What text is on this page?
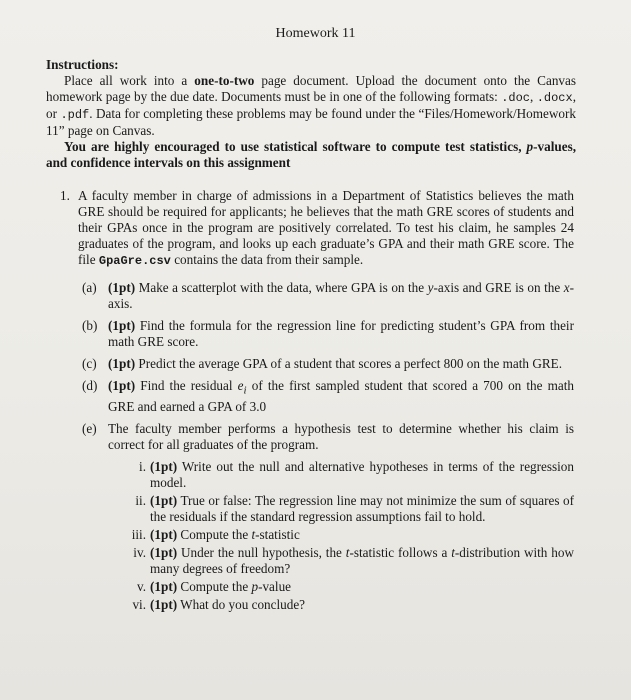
Homework 11
Instructions:
Place all work into a one-to-two page document. Upload the document onto the Canvas homework page by the due date. Documents must be in one of the following formats: .doc, .docx, or .pdf. Data for completing these problems may be found under the “Files/Homework/Homework 11” page on Canvas.
You are highly encouraged to use statistical software to compute test statistics, p-values, and confidence intervals on this assignment
1. A faculty member in charge of admissions in a Department of Statistics believes the math GRE should be required for applicants; he believes that the math GRE scores of students and their GPAs once in the program are positively correlated. To test his claim, he samples 24 graduates of the program, and looks up each graduate’s GPA and their math GRE score. The file GpaGre.csv contains the data from their sample.
(a) (1pt) Make a scatterplot with the data, where GPA is on the y-axis and GRE is on the x-axis.
(b) (1pt) Find the formula for the regression line for predicting student’s GPA from their math GRE score.
(c) (1pt) Predict the average GPA of a student that scores a perfect 800 on the math GRE.
(d) (1pt) Find the residual $e_i$ of the first sampled student that scored a 700 on the math GRE and earned a GPA of 3.0
(e) The faculty member performs a hypothesis test to determine whether his claim is correct for all graduates of the program.
i. (1pt) Write out the null and alternative hypotheses in terms of the regression model.
ii. (1pt) True or false: The regression line may not minimize the sum of squares of the residuals if the standard regression assumptions fail to hold.
iii. (1pt) Compute the t-statistic
iv. (1pt) Under the null hypothesis, the t-statistic follows a t-distribution with how many degrees of freedom?
v. (1pt) Compute the p-value
vi. (1pt) What do you conclude?
